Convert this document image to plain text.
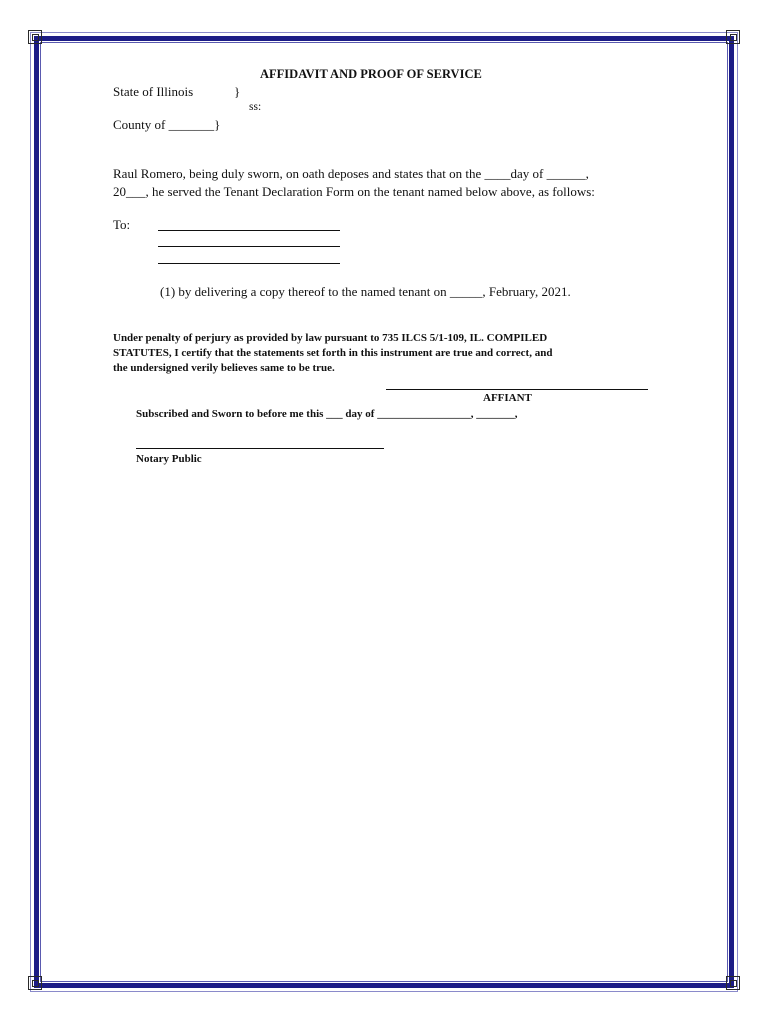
AFFIDAVIT AND PROOF OF SERVICE
State of Illinois	}
ss:
County of _______}
Raul Romero, being duly sworn, on oath deposes and states that on the ____day of ______,
20___, he served the Tenant Declaration Form on the tenant named below above, as follows:
To:
(1) by delivering a copy thereof to the named tenant on _____, February, 2021.
Under penalty of perjury as provided by law pursuant to 735 ILCS 5/1-109, IL. COMPILED
STATUTES, I certify that the statements set forth in this instrument are true and correct, and
the undersigned verily believes same to be true.
AFFIANT
Subscribed and Sworn to before me this ___ day of _________________, _______,
Notary Public
